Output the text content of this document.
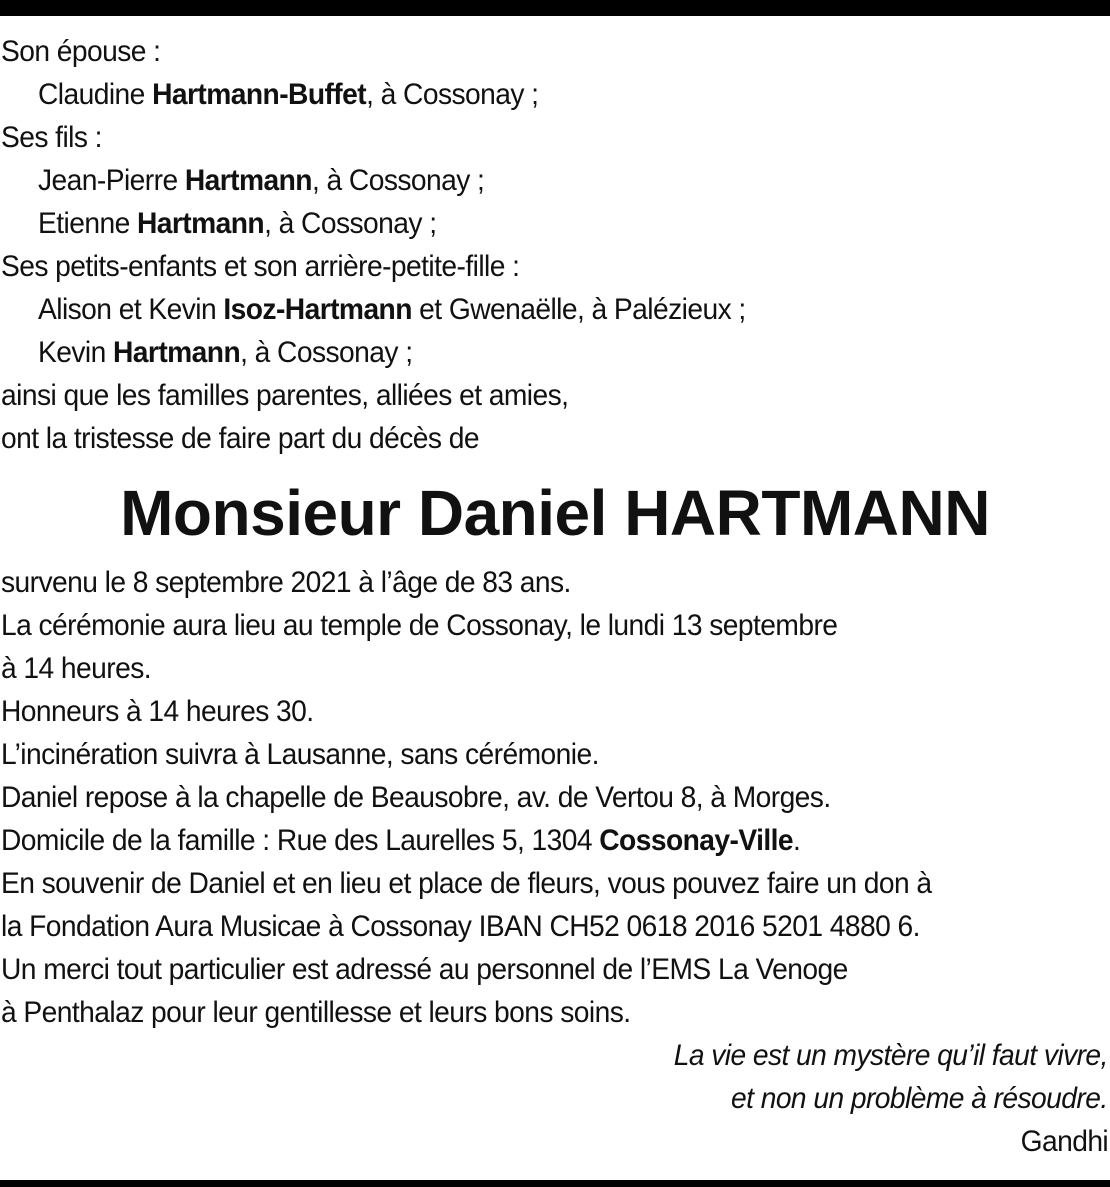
Son épouse :
Claudine Hartmann-Buffet, à Cossonay ;
Ses fils :
Jean-Pierre Hartmann, à Cossonay ;
Etienne Hartmann, à Cossonay ;
Ses petits-enfants et son arrière-petite-fille :
Alison et Kevin Isoz-Hartmann et Gwenaëlle, à Palézieux ;
Kevin Hartmann, à Cossonay ;
ainsi que les familles parentes, alliées et amies,
ont la tristesse de faire part du décès de
Monsieur Daniel HARTMANN
survenu le 8 septembre 2021 à l’âge de 83 ans.
La cérémonie aura lieu au temple de Cossonay, le lundi 13 septembre
à 14 heures.
Honneurs à 14 heures 30.
L’incinération suivra à Lausanne, sans cérémonie.
Daniel repose à la chapelle de Beausobre, av. de Vertou 8, à Morges.
Domicile de la famille : Rue des Laurelles 5, 1304 Cossonay-Ville.
En souvenir de Daniel et en lieu et place de fleurs, vous pouvez faire un don à
la Fondation Aura Musicae à Cossonay IBAN CH52 0618 2016 5201 4880 6.
Un merci tout particulier est adressé au personnel de l’EMS La Venoge
à Penthalaz pour leur gentillesse et leurs bons soins.
La vie est un mystère qu’il faut vivre,
et non un problème à résoudre.
Gandhi
